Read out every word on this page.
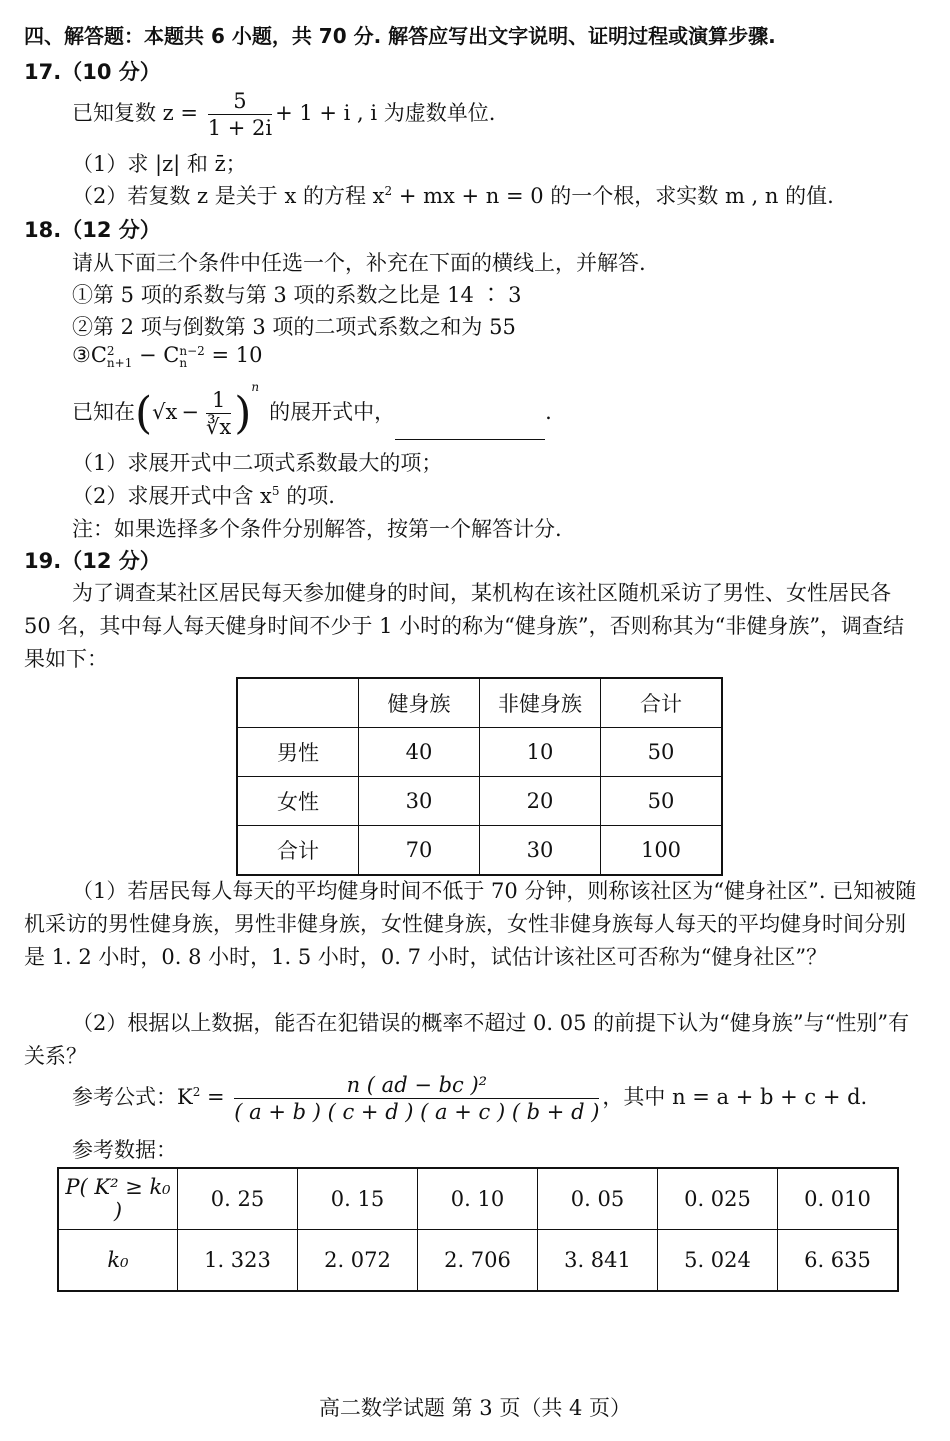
四、解答题：本题共 6 小题，共 70 分. 解答应写出文字说明、证明过程或演算步骤.
17.（10 分）
已知复数 $z = \frac{5}{1 + 2i} + 1 + i$ , i 为虚数单位.
（1）求 |z| 和 z̄；
（2）若复数 z 是关于 x 的方程 $x^2$ + mx + n = 0 的一个根，求实数 m , n 的值.
18.（12 分）
请从下面三个条件中任选一个，补充在下面的横线上，并解答.
①第 5 项的系数与第 3 项的系数之比是 14 ∶ 3
②第 2 项与倒数第 3 项的二项式系数之和为 55
③C 2
n+1 − C n−2
n = 10
已知在$(√x - \frac{1}{∛x} )^n$的展开式中，	.
（1）求展开式中二项式系数最大的项；
（2）求展开式中含 $x^5$ 的项.
注：如果选择多个条件分别解答，按第一个解答计分.
19.（12 分）
为了调查某社区居民每天参加健身的时间，某机构在该社区随机采访了男性、女性居民各 50 名，其中每人每天健身时间不少于 1 小时的称为“健身族”，否则称其为“非健身族”，调查结果如下：
	健身族	非健身族	合计
男性	40	10	50
女性	30	20	50
合计	70	30	100
（1）若居民每人每天的平均健身时间不低于 70 分钟，则称该社区为“健身社区”. 已知被随机采访的男性健身族，男性非健身族，女性健身族，女性非健身族每人每天的平均健身时间分别是 1. 2 小时，0. 8 小时，1. 5 小时，0. 7 小时，试估计该社区可否称为“健身社区”？
（2）根据以上数据，能否在犯错误的概率不超过 0. 05 的前提下认为“健身族”与“性别”有关系？
参考公式：$K^2 = \frac{\text{n ( ad − bc )²}}{( a + b ) ( c + d ) ( a + c ) ( b + d )}$ ，其中 n = a + b + c + d.
参考数据：
P( K² ≥ k₀ )	0. 25	0. 15	0. 10	0. 05	0. 025	0. 010
k₀	1. 323	2. 072	2. 706	3. 841	5. 024	6. 635
高二数学试题 第 3 页（共 4 页）
